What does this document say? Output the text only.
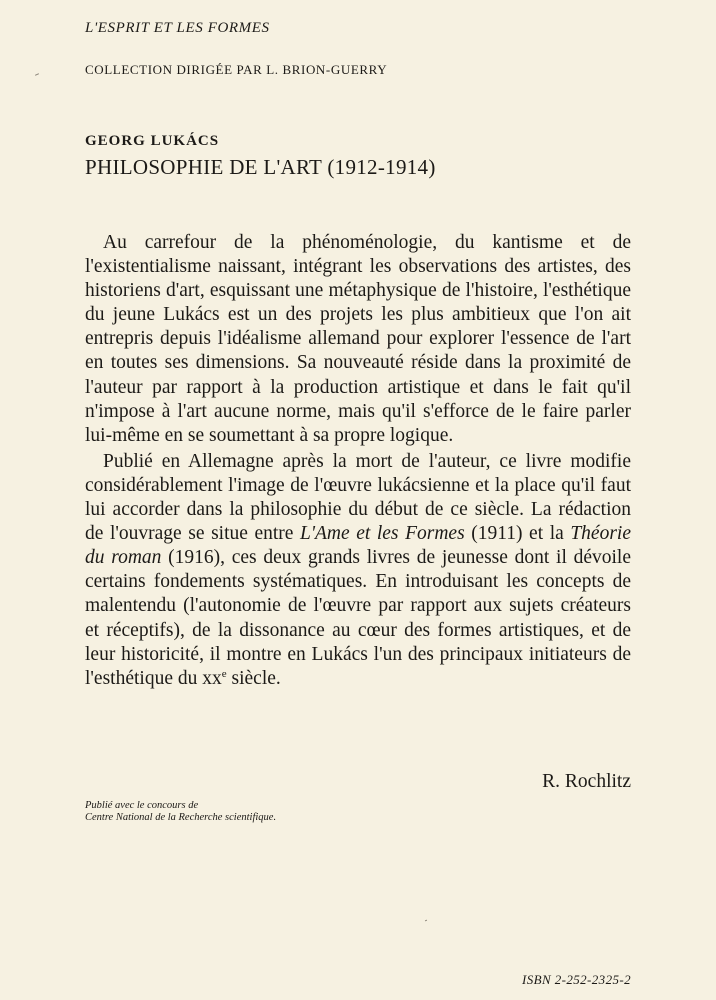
L'ESPRIT ET LES FORMES
COLLECTION DIRIGÉE PAR L. BRION-GUERRY
GEORG LUKÁCS
PHILOSOPHIE DE L'ART (1912-1914)

Au carrefour de la phénoménologie, du kantisme et de l'existentialisme naissant, intégrant les observations des artistes, des historiens d'art, esquissant une métaphysique de l'histoire, l'esthétique du jeune Lukács est un des projets les plus ambitieux que l'on ait entrepris depuis l'idéalisme allemand pour explorer l'essence de l'art en toutes ses dimensions. Sa nouveauté réside dans la proximité de l'auteur par rapport à la production artistique et dans le fait qu'il n'impose à l'art aucune norme, mais qu'il s'efforce de le faire parler lui-même en se soumettant à sa propre logique.

Publié en Allemagne après la mort de l'auteur, ce livre modifie considérablement l'image de l'œuvre lukácsienne et la place qu'il faut lui accorder dans la philosophie du début de ce siècle. La rédaction de l'ouvrage se situe entre L'Ame et les Formes (1911) et la Théorie du roman (1916), ces deux grands livres de jeunesse dont il dévoile certains fondements systématiques. En introduisant les concepts de malentendu (l'autonomie de l'œuvre par rapport aux sujets créateurs et réceptifs), de la dissonance au cœur des formes artistiques, et de leur historicité, il montre en Lukács l'un des principaux initiateurs de l'esthétique du $xx^e$ siècle.

R. Rochlitz
Publié avec le concours de
Centre National de la Recherche scientifique.
ISBN 2-252-2325-2
